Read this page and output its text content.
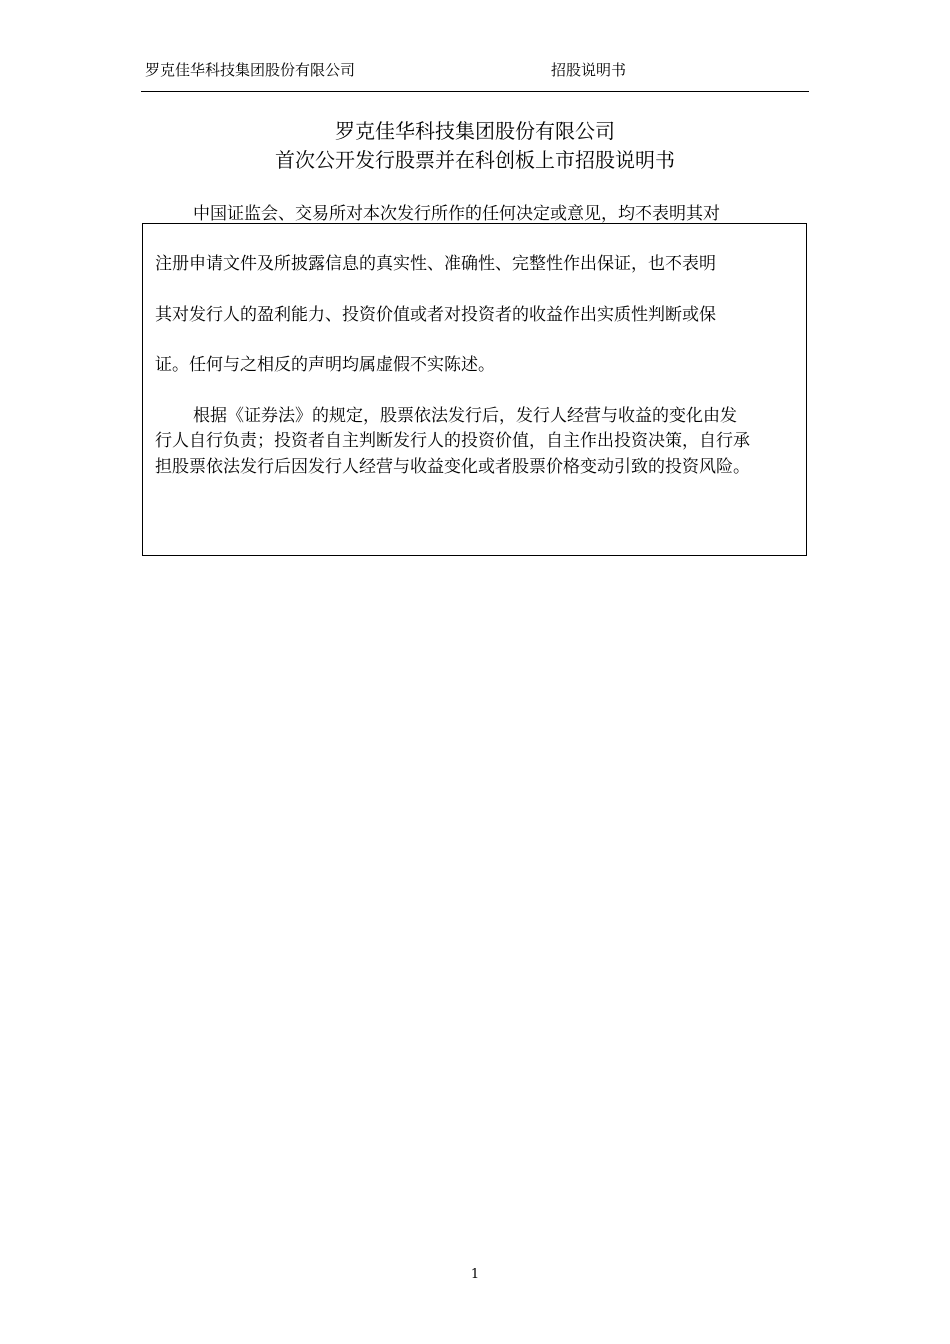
罗克佳华科技集团股份有限公司	招股说明书
罗克佳华科技集团股份有限公司
首次公开发行股票并在科创板上市招股说明书
中国证监会、交易所对本次发行所作的任何决定或意见，均不表明其对
注册申请文件及所披露信息的真实性、准确性、完整性作出保证，也不表明
其对发行人的盈利能力、投资价值或者对投资者的收益作出实质性判断或保
证。任何与之相反的声明均属虚假不实陈述。
根据《证券法》的规定，股票依法发行后，发行人经营与收益的变化由发
行人自行负责；投资者自主判断发行人的投资价值，自主作出投资决策，自行承
担股票依法发行后因发行人经营与收益变化或者股票价格变动引致的投资风险。
1
